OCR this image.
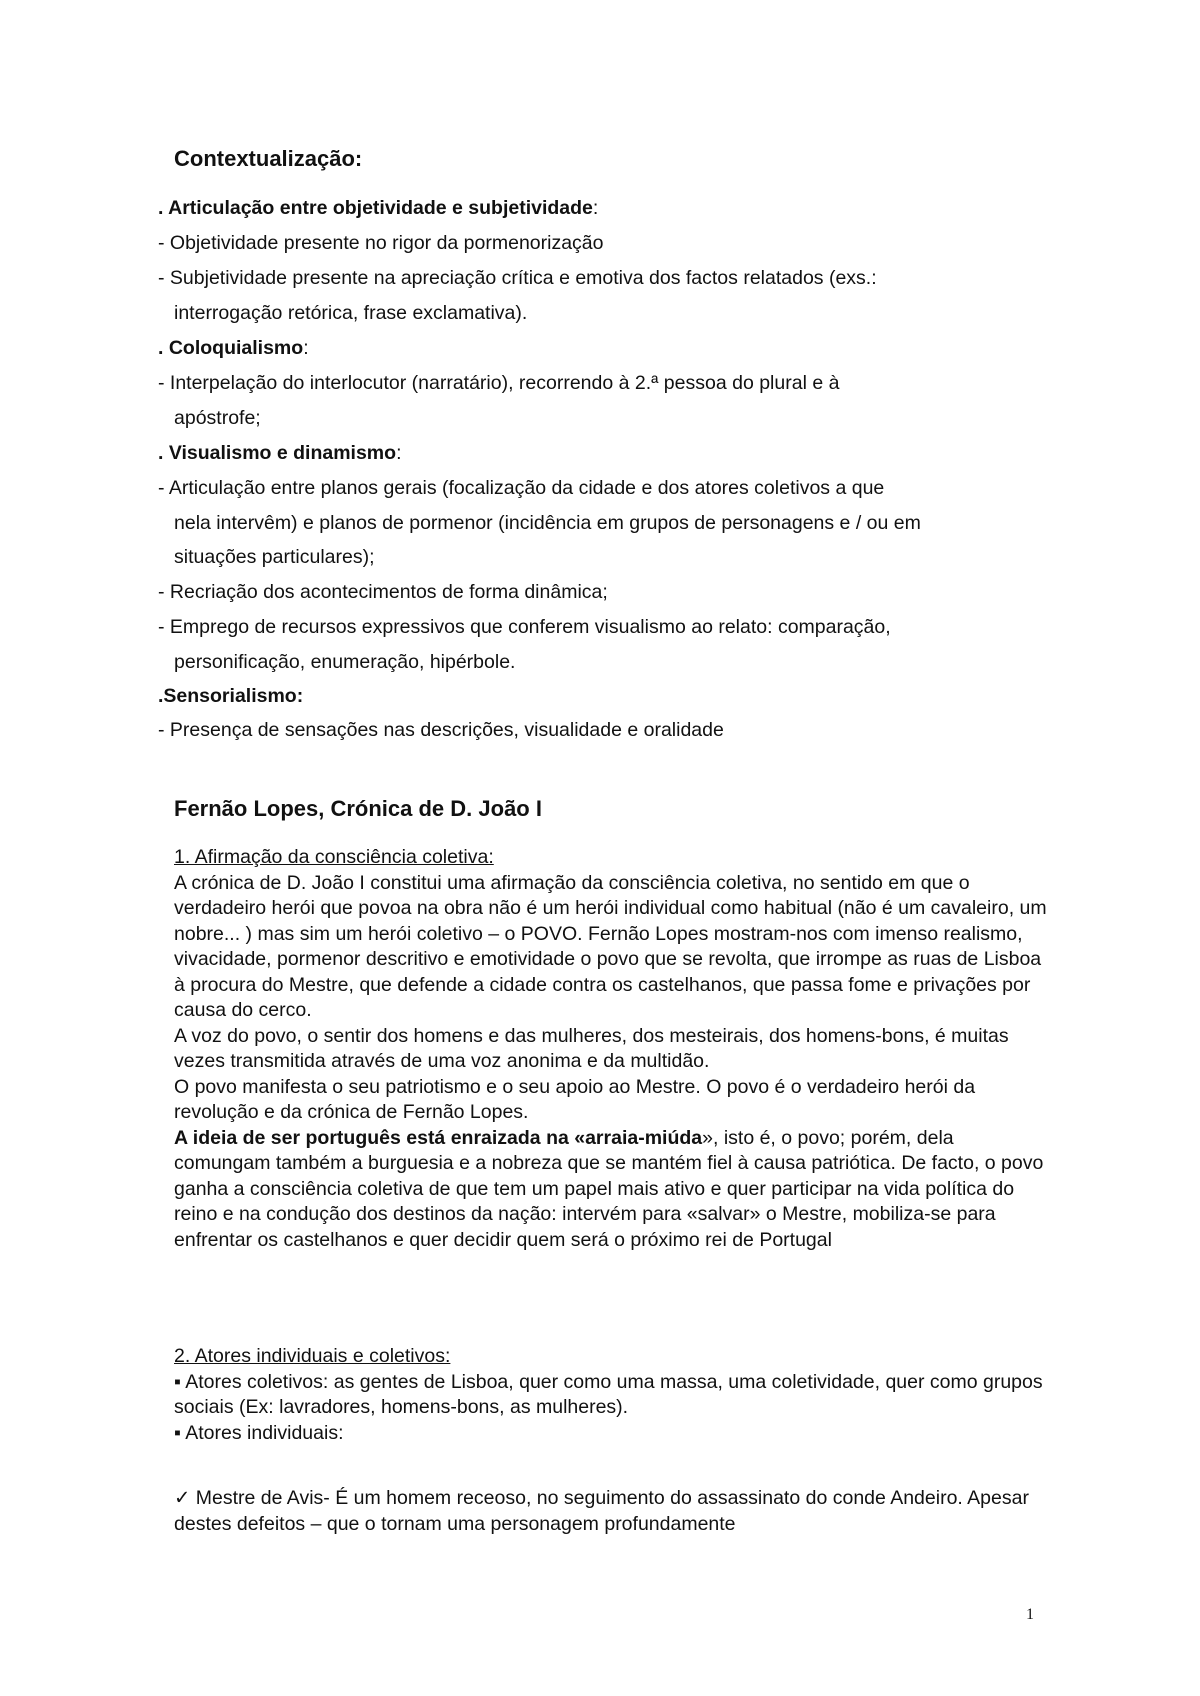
Contextualização:
. Articulação entre objetividade e subjetividade:
- Objetividade presente no rigor da pormenorização
- Subjetividade presente na apreciação crítica e emotiva dos factos relatados (exs.:
interrogação retórica, frase exclamativa).
. Coloquialismo:
- Interpelação do interlocutor (narratário), recorrendo à 2.ª pessoa do plural e à
apóstrofe;
. Visualismo e dinamismo:
- Articulação entre planos gerais (focalização da cidade e dos atores coletivos a que
nela intervêm) e planos de pormenor (incidência em grupos de personagens e / ou em
situações particulares);
- Recriação dos acontecimentos de forma dinâmica;
- Emprego de recursos expressivos que conferem visualismo ao relato: comparação,
personificação, enumeração, hipérbole.
.Sensorialismo:
- Presença de sensações nas descrições, visualidade e oralidade
Fernão Lopes, Crónica de D. João I

1. Afirmação da consciência coletiva:

A crónica de D. João I constitui uma afirmação da consciência coletiva, no sentido em que o verdadeiro herói que povoa na obra não é um herói individual como habitual (não é um cavaleiro, um nobre... ) mas sim um herói coletivo – o POVO. Fernão Lopes mostram-nos com imenso realismo, vivacidade, pormenor descritivo e emotividade o povo que se revolta, que irrompe as ruas de Lisboa à procura do Mestre, que defende a cidade contra os castelhanos, que passa fome e privações por causa do cerco.

A voz do povo, o sentir dos homens e das mulheres, dos mesteirais, dos homens-bons, é muitas vezes transmitida através de uma voz anonima e da multidão.

O povo manifesta o seu patriotismo e o seu apoio ao Mestre. O povo é o verdadeiro herói da revolução e da crónica de Fernão Lopes.

A ideia de ser português está enraizada na «arraia-miúda», isto é, o povo; porém, dela comungam também a burguesia e a nobreza que se mantém fiel à causa patriótica. De facto, o povo ganha a consciência coletiva de que tem um papel mais ativo e quer participar na vida política do reino e na condução dos destinos da nação: intervém para «salvar» o Mestre, mobiliza-se para enfrentar os castelhanos e quer decidir quem será o próximo rei de Portugal

2. Atores individuais e coletivos:

▪ Atores coletivos: as gentes de Lisboa, quer como uma massa, uma coletividade, quer como grupos sociais (Ex: lavradores, homens-bons, as mulheres).

▪ Atores individuais:

✓ Mestre de Avis- É um homem receoso, no seguimento do assassinato do conde Andeiro. Apesar destes defeitos – que o tornam uma personagem profundamente

1
